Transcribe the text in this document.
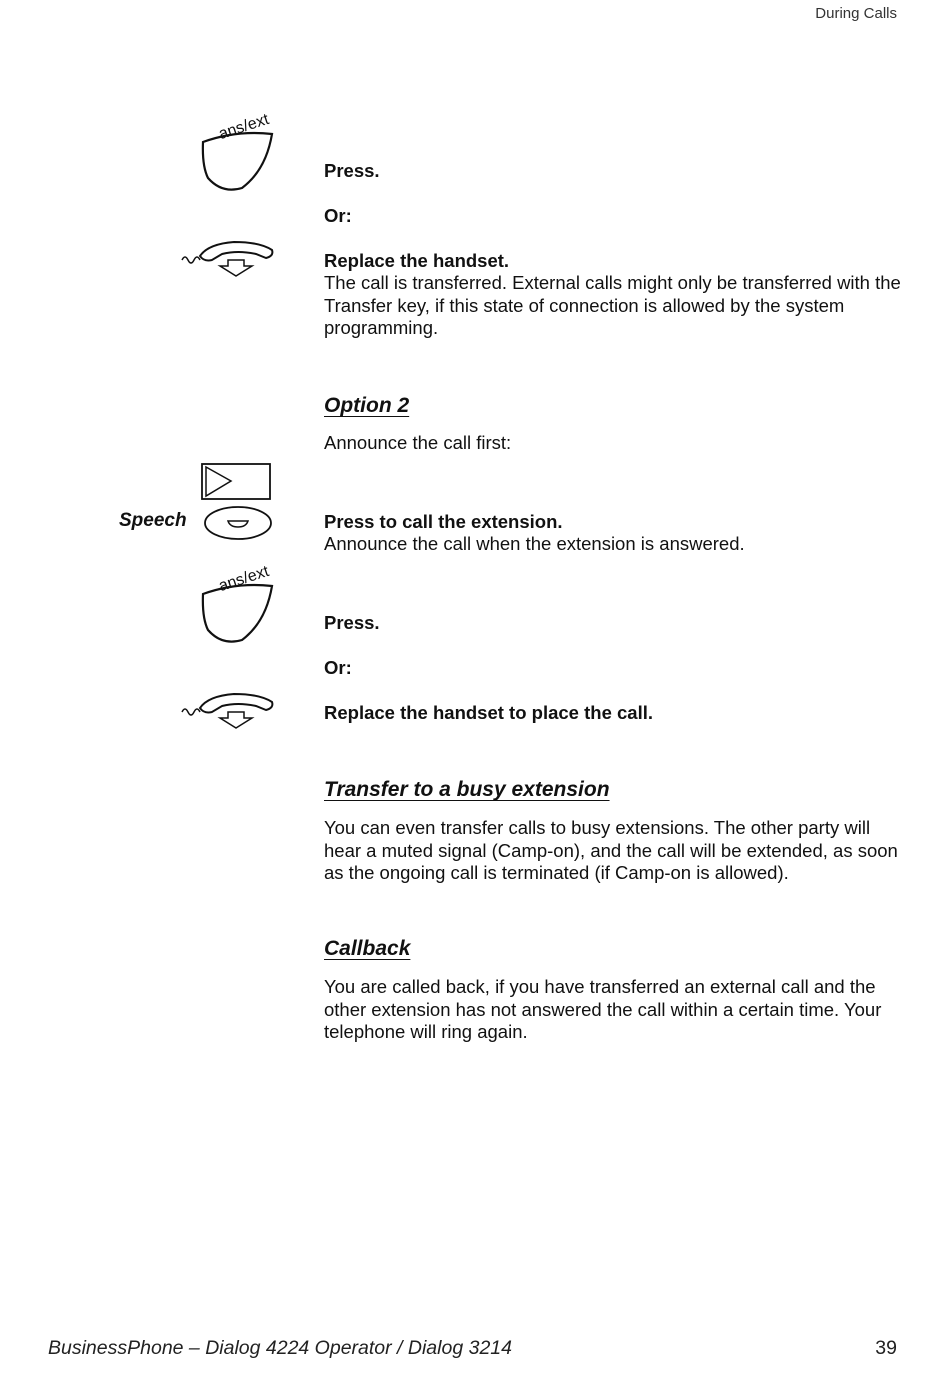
During Calls
ans/ext
Press.
Or:
Replace the handset.
The call is transferred. External calls might only be transferred with the Transfer key, if this state of connection is allowed by the system programming.
Option 2
Announce the call first:
Speech	Press to call the extension.
Announce the call when the extension is answered.
ans/ext
Press.
Or:
Replace the handset to place the call.
Transfer to a busy extension
You can even transfer calls to busy extensions. The other party will hear a muted signal (Camp-on), and the call will be extended, as soon as the ongoing call is terminated (if Camp-on is allowed).
Callback
You are called back, if you have transferred an external call and the other extension has not answered the call within a certain time. Your telephone will ring again.
BusinessPhone – Dialog 4224 Operator / Dialog 3214	39
